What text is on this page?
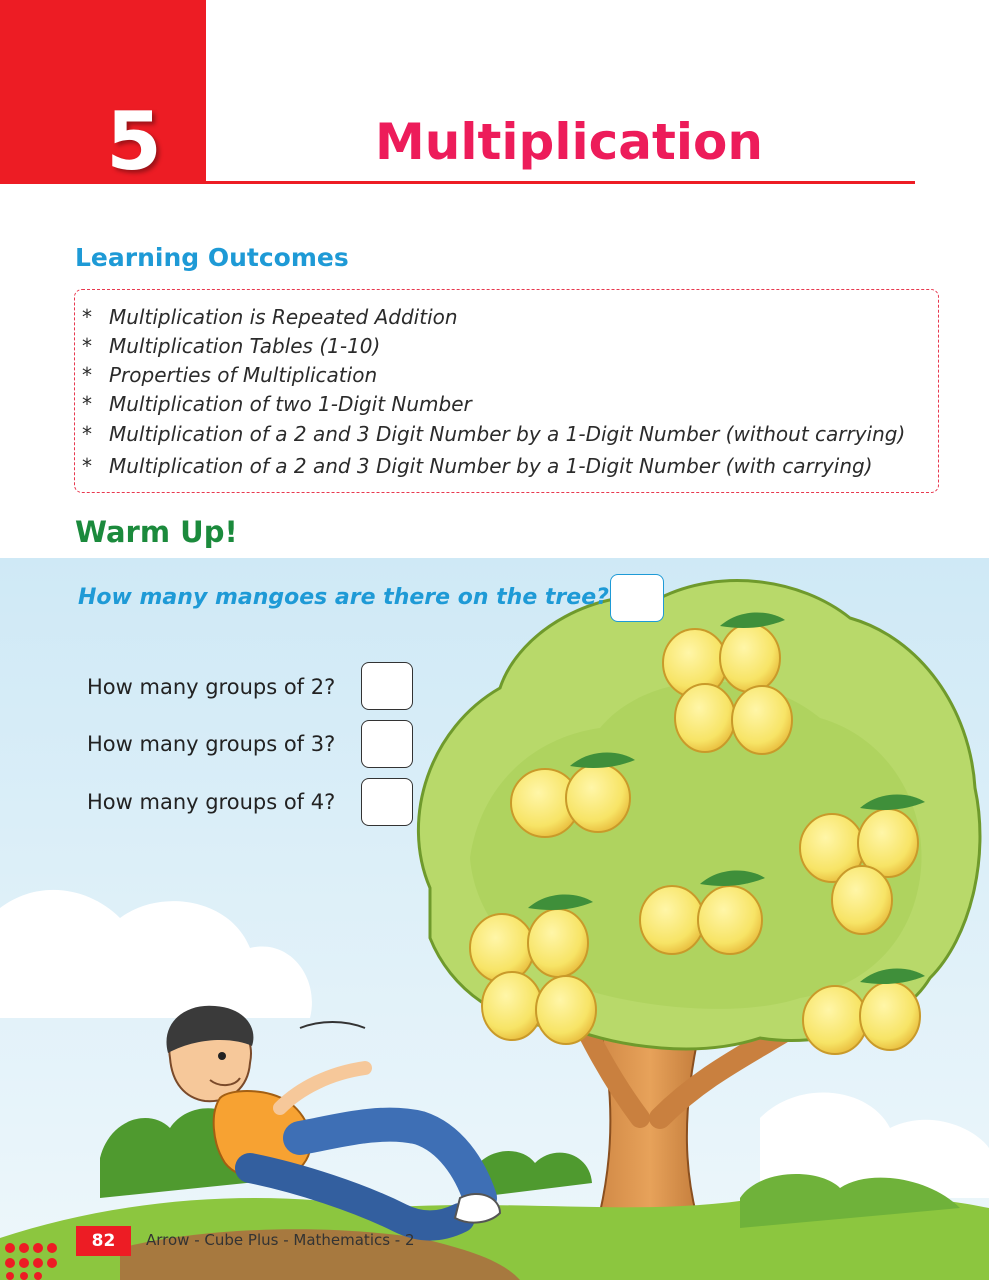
5	Multiplication
Learning Outcomes
* Multiplication is Repeated Addition
* Multiplication Tables (1-10)
* Properties of Multiplication
* Multiplication of two 1-Digit Number
* Multiplication of a 2 and 3 Digit Number by a 1-Digit Number (without carrying)
* Multiplication of a 2 and 3 Digit Number by a 1-Digit Number (with carrying)
Warm Up!
How many mangoes are there on the tree?
How many groups of 2?
How many groups of 3?
How many groups of 4?
82	Arrow - Cube Plus - Mathematics - 2
